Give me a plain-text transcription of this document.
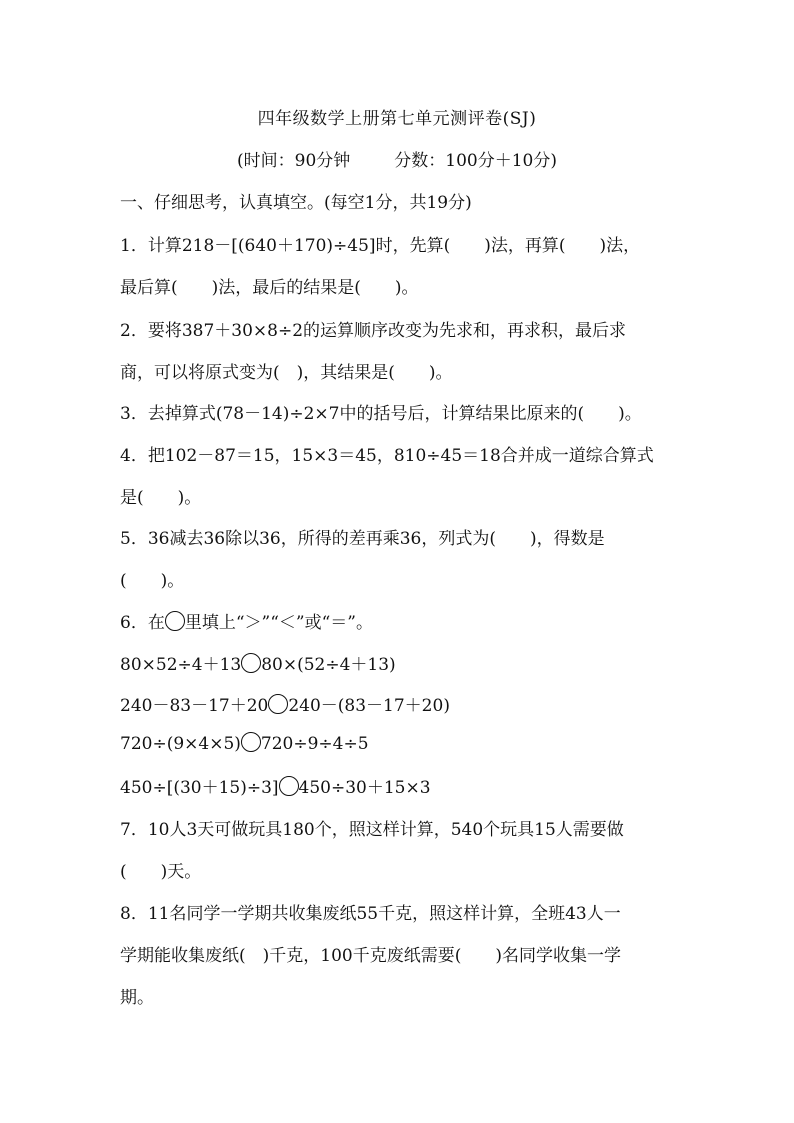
四年级数学上册第七单元测评卷(SJ)
(时间：90分钟	分数：100分＋10分)
一、仔细思考，认真填空。(每空1分，共19分)
1．计算218－[(640＋170)÷45]时，先算(　　)法，再算(　　)法，
最后算(　　)法，最后的结果是(　　)。
2．要将387＋30×8÷2的运算顺序改变为先求和，再求积，最后求
商，可以将原式变为(　)，其结果是(　　)。
3．去掉算式(78－14)÷2×7中的括号后，计算结果比原来的(　　)。
4．把102－87＝15，15×3＝45，810÷45＝18合并成一道综合算式
是(　　)。
5．36减去36除以36，所得的差再乘36，列式为(　　)，得数是
(　　)。
6．在 里填上“＞”“＜”或“＝”。
80×52÷4＋13 80×(52÷4＋13)
240－83－17＋20 240－(83－17＋20)
720÷(9×4×5) 720÷9÷4÷5
450÷[(30＋15)÷3] 450÷30＋15×3
7．10人3天可做玩具180个，照这样计算，540个玩具15人需要做
(　　)天。
8．11名同学一学期共收集废纸55千克，照这样计算，全班43人一
学期能收集废纸(　)千克，100千克废纸需要(　　)名同学收集一学
期。
